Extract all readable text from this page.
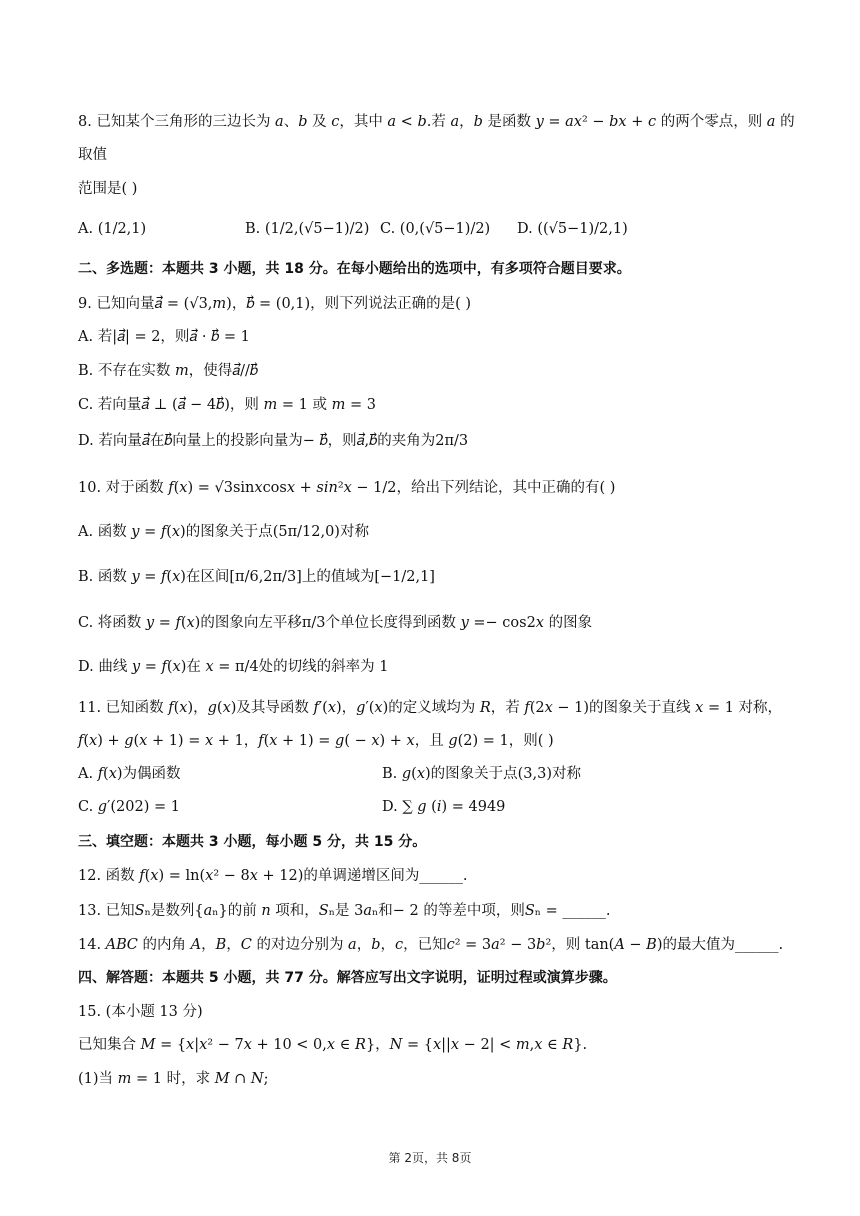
8. 已知某个三角形的三边长为 𝑎、𝑏 及 𝑐，其中 𝑎 < 𝑏.若 𝑎，𝑏 是函数 𝑦 = 𝑎𝑥² − 𝑏𝑥 + 𝑐 的两个零点，则 𝑎 的
取值
范围是( )
A. (1/2,1)	B. (1/2,(√5−1)/2) C. (0,(√5−1)/2) D. ((√5−1)/2,1)
二、多选题：本题共 3 小题，共 18 分。在每小题给出的选项中，有多项符合题目要求。
9. 已知向量𝑎⃗ = (√3,𝑚)，𝑏⃗ = (0,1)，则下列说法正确的是( )
A. 若|𝑎⃗| = 2，则𝑎⃗ · 𝑏⃗ = 1
B. 不存在实数 𝑚，使得𝑎⃗//𝑏⃗
C. 若向量𝑎⃗ ⊥ (𝑎⃗ − 4𝑏⃗)，则 𝑚 = 1 或 𝑚 = 3
D. 若向量𝑎⃗在𝑏⃗向量上的投影向量为− 𝑏⃗，则𝑎⃗,𝑏⃗的夹角为2π/3
10. 对于函数 𝑓(𝑥) = √3sin𝑥cos𝑥 + 𝑠𝑖𝑛²𝑥 − 1/2，给出下列结论，其中正确的有( )
A. 函数 𝑦 = 𝑓(𝑥)的图象关于点(5π/12,0)对称
B. 函数 𝑦 = 𝑓(𝑥)在区间[π/6,2π/3]上的值域为[−1/2,1]
C. 将函数 𝑦 = 𝑓(𝑥)的图象向左平移π/3个单位长度得到函数 𝑦 =− cos2𝑥 的图象
D. 曲线 𝑦 = 𝑓(𝑥)在 𝑥 = π/4处的切线的斜率为 1
11. 已知函数 𝑓(𝑥)，𝑔(𝑥)及其导函数 𝑓′(𝑥)，𝑔′(𝑥)的定义域均为 𝑅，若 𝑓(2𝑥 − 1)的图象关于直线 𝑥 = 1 对称，
𝑓(𝑥) + 𝑔(𝑥 + 1) = 𝑥 + 1，𝑓(𝑥 + 1) = 𝑔( − 𝑥) + 𝑥，且 𝑔(2) = 1，则( )
A. 𝑓(𝑥)为偶函数	B. 𝑔(𝑥)的图象关于点(3,3)对称
C. 𝑔′(202) = 1	D. ∑ 𝑔 (𝑖) = 4949
三、填空题：本题共 3 小题，每小题 5 分，共 15 分。
12. 函数 𝑓(𝑥) = ln(𝑥² − 8𝑥 + 12)的单调递增区间为______.
13. 已知𝑆ₙ是数列{𝑎ₙ}的前 𝑛 项和，𝑆ₙ是 3𝑎ₙ和− 2 的等差中项，则𝑆ₙ = ______.
14. 𝐴𝐵𝐶 的内角 𝐴，𝐵，𝐶 的对边分别为 𝑎，𝑏，𝑐，已知𝑐² = 3𝑎² − 3𝑏²，则 tan(𝐴 − 𝐵)的最大值为______.
四、解答题：本题共 5 小题，共 77 分。解答应写出文字说明，证明过程或演算步骤。
15. (本小题 13 分)
已知集合 𝑀 = {𝑥|𝑥² − 7𝑥 + 10 < 0,𝑥 ∈ 𝑅}，𝑁 = {𝑥||𝑥 − 2| < 𝑚,𝑥 ∈ 𝑅}.
(1)当 𝑚 = 1 时，求 𝑀 ∩ 𝑁;
第 2页，共 8页
